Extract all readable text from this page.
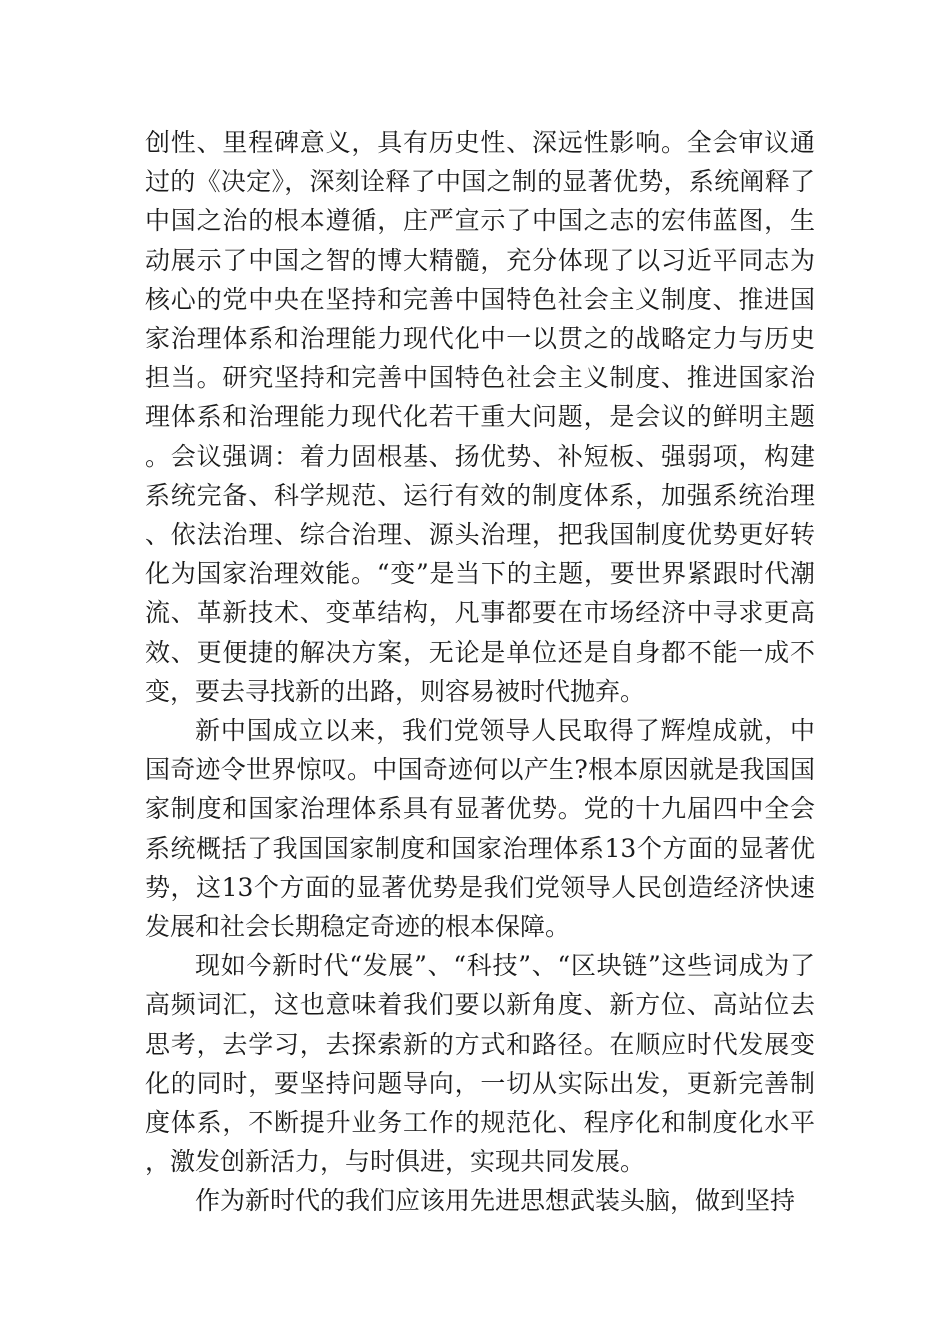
创性、里程碑意义，具有历史性、深远性影响。全会审议通过的《决定》，深刻诠释了中国之制的显著优势，系统阐释了中国之治的根本遵循，庄严宣示了中国之志的宏伟蓝图，生动展示了中国之智的博大精髓，充分体现了以习近平同志为核心的党中央在坚持和完善中国特色社会主义制度、推进国家治理体系和治理能力现代化中一以贯之的战略定力与历史担当。研究坚持和完善中国特色社会主义制度、推进国家治理体系和治理能力现代化若干重大问题，是会议的鲜明主题。会议强调：着力固根基、扬优势、补短板、强弱项，构建系统完备、科学规范、运行有效的制度体系，加强系统治理、依法治理、综合治理、源头治理，把我国制度优势更好转化为国家治理效能。“变”是当下的主题，要世界紧跟时代潮流、革新技术、变革结构，凡事都要在市场经济中寻求更高效、更便捷的解决方案，无论是单位还是自身都不能一成不变，要去寻找新的出路，则容易被时代抛弃。

新中国成立以来，我们党领导人民取得了辉煌成就，中国奇迹令世界惊叹。中国奇迹何以产生?根本原因就是我国国家制度和国家治理体系具有显著优势。党的十九届四中全会系统概括了我国国家制度和国家治理体系13个方面的显著优势，这13个方面的显著优势是我们党领导人民创造经济快速发展和社会长期稳定奇迹的根本保障。

现如今新时代“发展”、“科技”、“区块链”这些词成为了高频词汇，这也意味着我们要以新角度、新方位、高站位去思考，去学习，去探索新的方式和路径。在顺应时代发展变化的同时，要坚持问题导向，一切从实际出发，更新完善制度体系，不断提升业务工作的规范化、程序化和制度化水平，激发创新活力，与时俱进，实现共同发展。

作为新时代的我们应该用先进思想武装头脑，做到坚持
